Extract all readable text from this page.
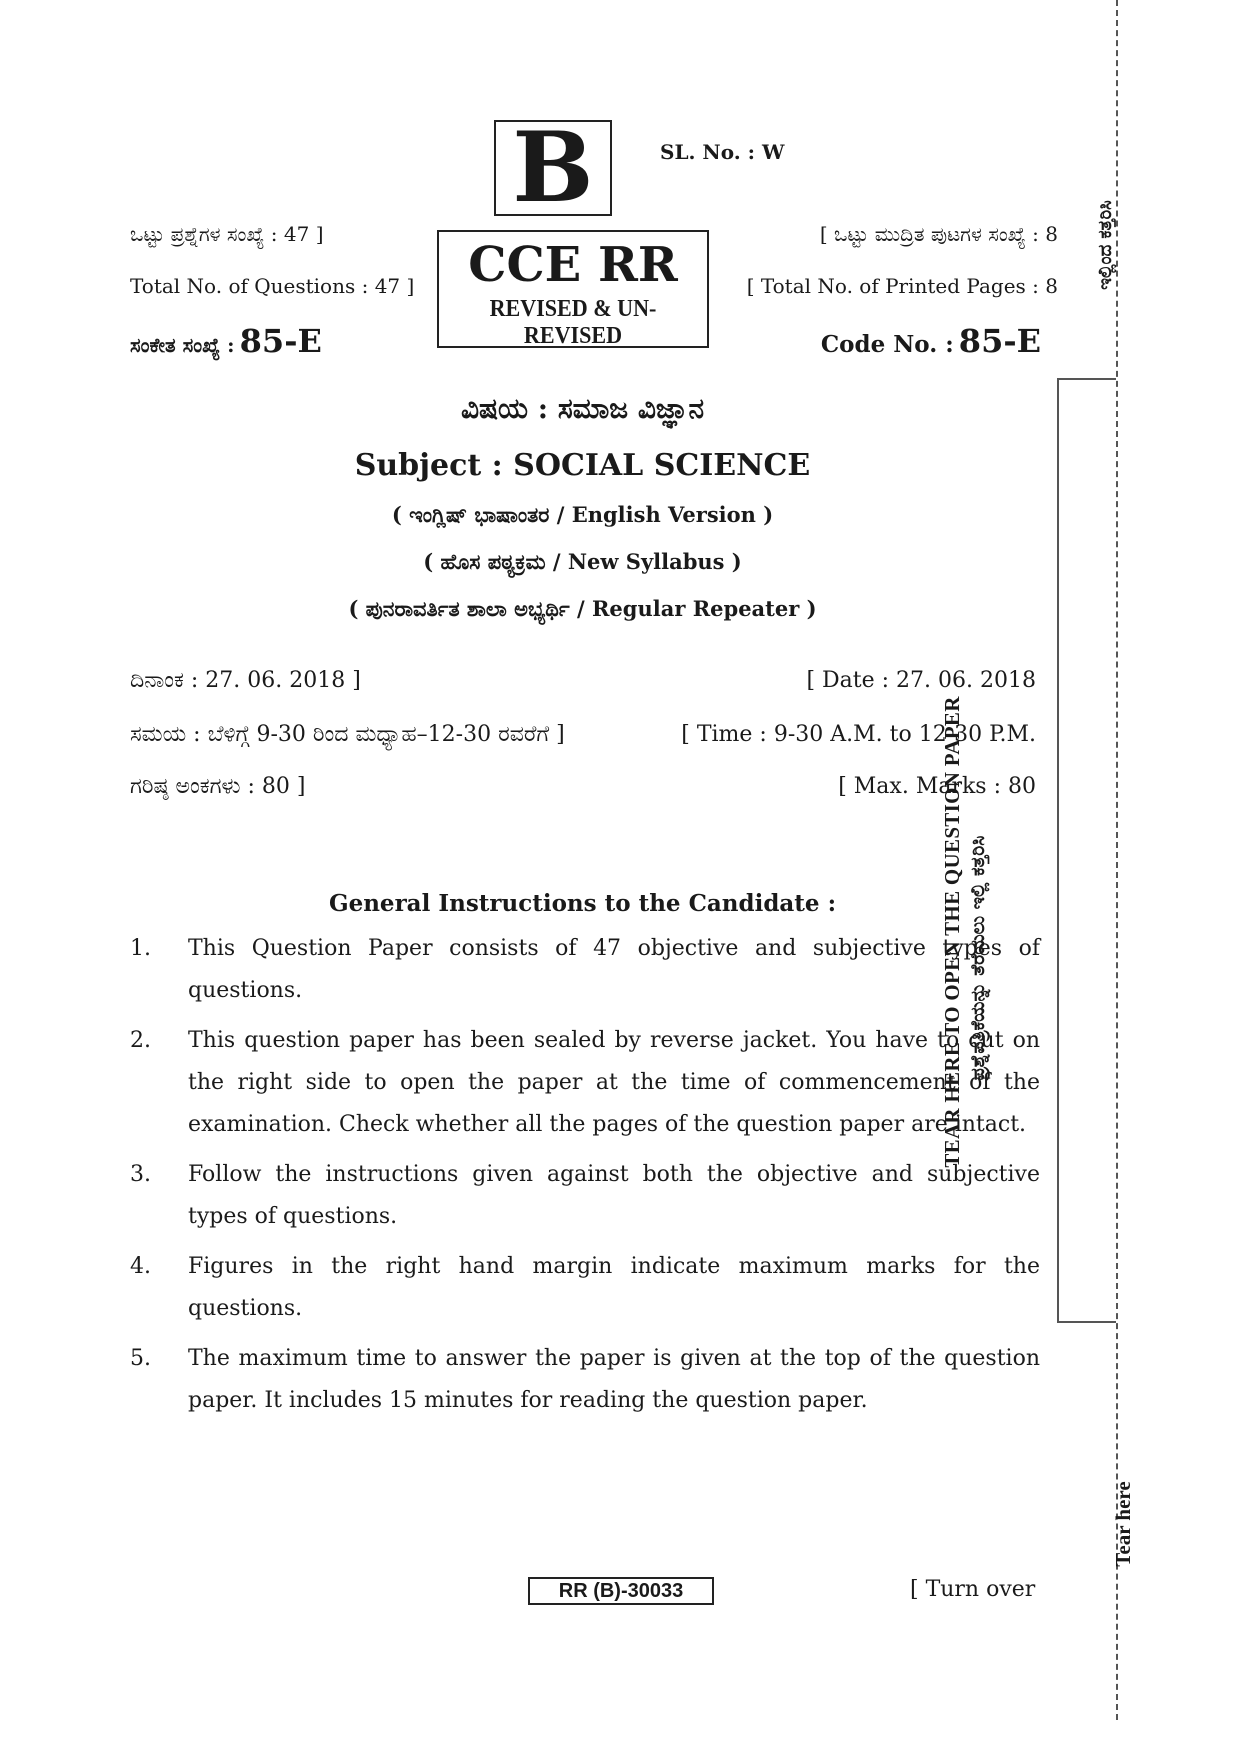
B	SL. No. : W
ಒಟ್ಟು ಪ್ರಶ್ನೆಗಳ ಸಂಖ್ಯೆ : 47 ]
Total No. of Questions : 47 ]	CCE RR
REVISED & UN-REVISED
[ ಒಟ್ಟು ಮುದ್ರಿತ ಪುಟಗಳ ಸಂಖ್ಯೆ : 8
[ Total No. of Printed Pages : 8
ಸಂಕೇತ ಸಂಖ್ಯೆ : 85-E	Code No. : 85-E
ವಿಷಯ : ಸಮಾಜ ವಿಜ್ಞಾನ
Subject : SOCIAL SCIENCE
( ಇಂಗ್ಲಿಷ್ ಭಾಷಾಂತರ / English Version )
( ಹೊಸ ಪಠ್ಯಕ್ರಮ / New Syllabus )
( ಪುನರಾವರ್ತಿತ ಶಾಲಾ ಅಭ್ಯರ್ಥಿ / Regular Repeater )
ದಿನಾಂಕ : 27. 06. 2018 ]	[ Date : 27. 06. 2018
ಸಮಯ : ಬೆಳಿಗ್ಗೆ 9-30 ರಿಂದ ಮಧ್ಯಾಹ–12-30 ರವರೆಗೆ ]	[ Time : 9-30 A.M. to 12-30 P.M.
ಗರಿಷ್ಠ ಅಂಕಗಳು : 80 ]	[ Max. Marks : 80
General Instructions to the Candidate :
1.	This Question Paper consists of 47 objective and subjective types of questions.
2.	This question paper has been sealed by reverse jacket. You have to cut on the right side to open the paper at the time of commencement of the examination. Check whether all the pages of the question paper are intact.
3.	Follow the instructions given against both the objective and subjective types of questions.
4.	Figures in the right hand margin indicate maximum marks for the questions.
5.	The maximum time to answer the paper is given at the top of the question paper. It includes 15 minutes for reading the question paper.
RR (B)-30033	[ Turn over
ಇಲ್ಲಿಂದ ಕತ್ತರಿಸಿ
TEAR HERE TO OPEN THE QUESTION PAPER ಪ್ರಶ್ನೆಪತ್ರಿಕೆಯನ್ನು ತೆರೆಯಲು ಇಲ್ಲಿ ಕತ್ತರಿಸಿ
Tear here
